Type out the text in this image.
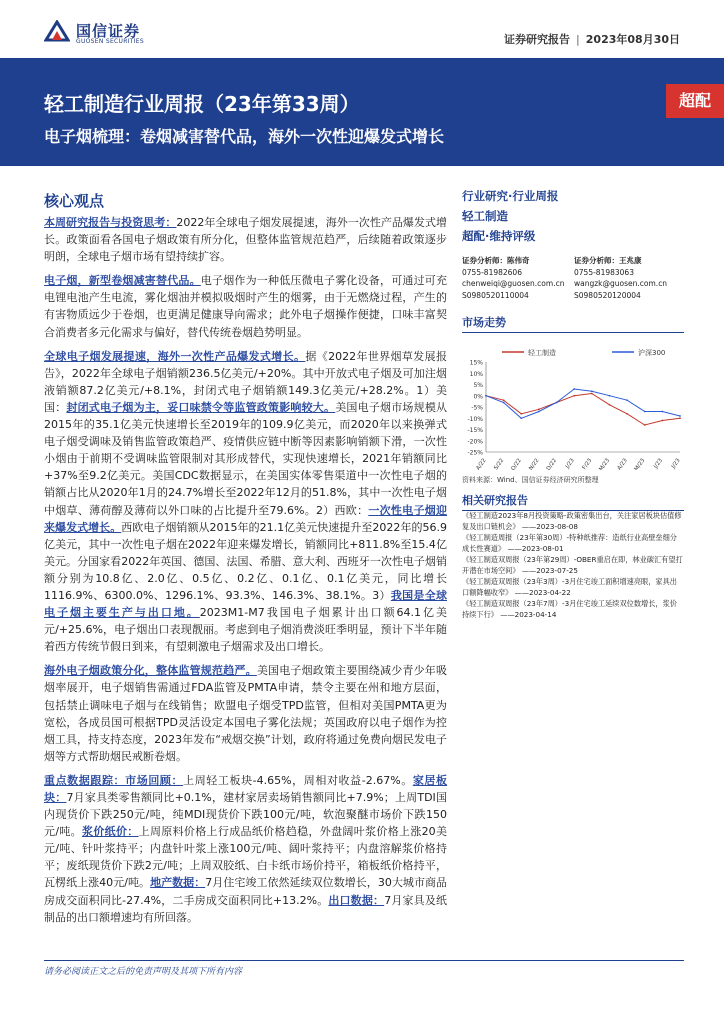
国信证券
GUOSEN SECURITIES	证券研究报告 | 2023年08月30日
轻工制造行业周报（23年第33周）
电子烟梳理：卷烟减害替代品，海外一次性迎爆发式增长
超配
核心观点

本周研究报告与投资思考：2022年全球电子烟发展提速，海外一次性产品爆发式增长。政策面看各国电子烟政策有所分化，但整体监管规范趋严，后续随着政策逐步明朗，全球电子烟市场有望持续扩容。

电子烟，新型卷烟减害替代品。电子烟作为一种低压微电子雾化设备，可通过可充电锂电池产生电流，雾化烟油并模拟吸烟时产生的烟雾，由于无燃烧过程，产生的有害物质远少于卷烟，也更满足健康导向需求；此外电子烟操作便捷，口味丰富契合消费者多元化需求与偏好，替代传统卷烟趋势明显。

全球电子烟发展提速，海外一次性产品爆发式增长。据《2022年世界烟草发展报告》，2022年全球电子烟销额236.5亿美元/+20%。其中开放式电子烟及可加注烟液销额87.2亿美元/+8.1%，封闭式电子烟销额149.3亿美元/+28.2%。1）美国：封闭式电子烟为主，妥口味禁令等监管政策影响较大。美国电子烟市场规模从2015年的35.1亿美元快速增长至2019年的109.9亿美元，而2020年以来换弹式电子烟受调味及销售监管政策趋严、疫情供应链中断等因素影响销额下滑，一次性小烟由于前期不受调味监管限制对其形成替代，实现快速增长，2021年销额同比+37%至9.2亿美元。美国CDC数据显示，在美国实体零售渠道中一次性电子烟的销额占比从2020年1月的24.7%增长至2022年12月的51.8%，其中一次性电子烟中烟草、薄荷醇及薄荷以外口味的占比提升至79.6%。2）西欧：一次性电子烟迎来爆发式增长。西欧电子烟销额从2015年的21.1亿美元快速提升至2022年的56.9亿美元，其中一次性电子烟在2022年迎来爆发增长，销额同比+811.8%至15.4亿美元。分国家看2022年英国、德国、法国、希腊、意大利、西班牙一次性电子烟销额分别为10.8亿、2.0亿、0.5亿、0.2亿、0.1亿、0.1亿美元，同比增长1116.9%、6300.0%、1296.1%、93.3%、146.3%、38.1%。3）我国是全球电子烟主要生产与出口地。2023M1-M7我国电子烟累计出口额64.1亿美元/+25.6%，电子烟出口表现靓丽。考虑到电子烟消费淡旺季明显，预计下半年随着西方传统节假日到来，有望刺激电子烟需求及出口增长。

海外电子烟政策分化，整体监管规范趋严。美国电子烟政策主要围绕减少青少年吸烟率展开，电子烟销售需通过FDA监管及PMTA申请，禁令主要在州和地方层面，包括禁止调味电子烟与在线销售；欧盟电子烟受TPD监管，但相对美国PMTA更为宽松，各成员国可根据TPD灵活设定本国电子雾化法规；英国政府以电子烟作为控烟工具，持支持态度，2023年发布“戒烟交换”计划，政府将通过免费向烟民发电子烟等方式帮助烟民戒断卷烟。

重点数据跟踪：市场回顾：上周轻工板块-4.65%，周相对收益-2.67%。家居板块：7月家具类零售额同比+0.1%，建材家居卖场销售额同比+7.9%；上周TDI国内现货价下跌250元/吨，纯MDI现货价下跌100元/吨，软泡聚醚市场价下跌150元/吨。浆价纸价：上周原料价格上行成品纸价格趋稳，外盘阔叶浆价格上涨20美元/吨、针叶浆持平；内盘针叶浆上涨100元/吨、阔叶浆持平；内盘溶解浆价格持平；废纸现货价下跌2元/吨；上周双胶纸、白卡纸市场价持平，箱板纸价格持平，瓦楞纸上涨40元/吨。地产数据：7月住宅竣工依然延续双位数增长，30大城市商品房成交面积同比-27.4%，二手房成交面积同比+13.2%。出口数据：7月家具及纸制品的出口额增速均有所回落。

行业研究·行业周报
轻工制造
超配·维持评级
证券分析师：陈伟奇
0755-81982606
chenweiqi@guosen.com.cn
S0980520110004
证券分析师：王兆康
0755-81983063
wangzk@guosen.com.cn
S0980520120004
市场走势
轻工制造	沪深300
15%
10%
5%
0%
-5%
-10%
-15%
-20%
-25%
A/22 S/22 O/22 N/22 D/22 J/23 F/23 M/23 A/23 M/23 J/23 J/23
资料来源：Wind、国信证券经济研究所整理
相关研究报告
《轻工制造2023年8月投资策略-政策密集出台，关注家居板块估值修复及出口链机会》 ——2023-08-08
《轻工制造周报（23年第30周）-特种纸推荐：造纸行业高壁垒细分成长性赛道》 ——2023-08-01
《轻工制造双周报（23年第29周）-OBER重启在即，林业碳汇有望打开潜在市场空间》 ——2023-07-25
《轻工制造双周报（23年3周）-3月住宅竣工面积增速亮眼，家具出口额降幅收窄》 ——2023-04-22
《轻工制造双周报（23年7周）-3月住宅竣工延续双位数增长，浆价持续下行》 ——2023-04-14
请务必阅读正文之后的免责声明及其项下所有内容
